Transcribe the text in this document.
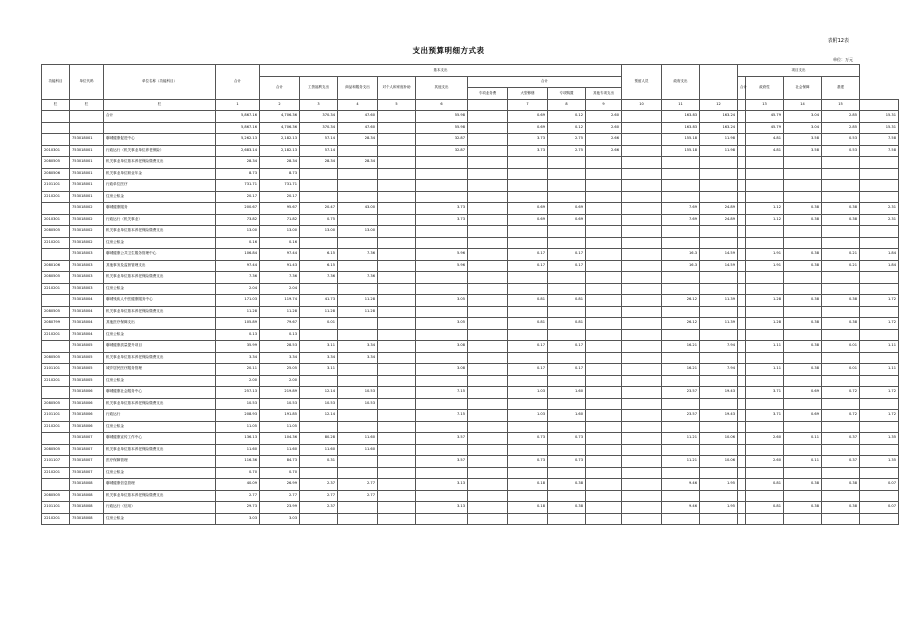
表附12表
支出预算明细方式表
单位：万元
功能科目	单位代码	单位名称（功能科目）	合计	基本支出									预留人员	政府支出		项目支出				
				合计	工资福利支出	商品和服务支出	对个人和家庭补助	其他支出	合计							合计	政府性	社会保障	基建	
									专项业务费	大型修缮	专项购置	其他专项支出								
栏	栏	栏	1	2	3	4	5	6		7	8	9	10	11	12		13	14	15	
		合计	5,867.16	4,706.36	370.34	47.60		55.98		0.69	0.12	2.60		163.83	163.24		45.79	3.04	2.85	15.31
			5,867.16	4,706.36	370.34	47.60		55.98		0.69	0.12	2.60		163.83	163.24		45.79	3.04	2.85	15.31
	753018001	聊城健康促进中心	5,262.13	2,182.13	57.14	28.34		32.87		3.73	2.75	2.66		155.18	11.98		4.81	3.58	0.53	7.58
2010301	753018001	行政运行（机关事业单位养老保险）	2,683.14	2,182.13	57.14			32.87		3.73	2.75	2.66		155.18	11.98		4.81	3.58	0.53	7.58
2080505	753018001	机关事业单位基本养老保险缴费支出	28.34	28.34	28.34	28.34														
2080506	753018001	机关事业单位职业年金	8.73	8.73																
2101101	753018001	行政单位医疗	731.71	731.71																
2210201	753018001	住房公积金	20.17	20.17																
	753018002	聊城健康服务	200.67	95.67	20.47	43.00		3.73		0.69	0.69			7.69	24.89		1.12	0.38	0.38	2.31
2010301	753018002	行政运行（机关事业）	73.82	71.82	0.75			3.73		0.69	0.69			7.69	24.89		1.12	0.38	0.38	2.31
2080505	753018002	机关事业单位基本养老保险缴费支出	13.00	13.00	13.00	13.00														
2210201	753018002	住房公积金	0.16	0.16																
	753018003	聊城健康公共卫生服务管理中心	106.84	97.44	6.15	7.36		5.96		0.17	0.17			16.3	14.59		1.91	0.38	0.21	1.84
2080106	753018003	其他事务及监督管理支出	97.44	91.43	6.15			5.96		0.17	0.17			16.3	14.59		1.91	0.38	0.21	1.84
2080505	753018003	机关事业单位基本养老保险缴费支出	7.36	7.36	7.36	7.36														
2210201	753018003	住房公积金	2.04	2.04																
	753018004	聊城残疾人中医健康服务中心	171.03	119.74	41.73	11.28		3.05		0.81	0.81			26.12	11.39		1.28	0.38	0.38	1.72
2080505	753018004	机关事业单位基本养老保险缴费支出	11.28	11.28	11.28	11.28														
2080799	753018004	其他医疗保障支出	105.89	79.67	0.01			3.05		0.81	0.81			26.12	11.39		1.28	0.38	0.38	1.72
2210201	753018004	住房公积金	0.13	0.13																
	753018005	聊城健康质量提升项目	35.99	28.53	3.11	3.34		3.08		0.17	0.17			16.21	7.94		1.11	0.38	0.01	1.11
2080505	753018005	机关事业单位基本养老保险缴费支出	3.34	3.34	3.34	3.34														
2101101	753018005	城乡居民医疗服务管理	20.11	25.05	3.11			3.08		0.17	0.17			16.21	7.94		1.11	0.38	0.01	1.11
2210201	753018005	住房公积金	2.00	2.00																
	753018006	聊城健康社会服务中心	257.13	219.89	12.14	10.53		7.15		1.03	1.60			23.57	19.43		3.71	0.69	0.72	1.72
2080505	753018006	机关事业单位基本养老保险缴费支出	10.53	10.53	10.53	10.53														
2101101	753018006	行政运行	208.93	191.85	12.14			7.15		1.03	1.60			23.57	19.43		3.71	0.69	0.72	1.72
2210201	753018006	住房公积金	11.05	11.05																
	753018007	聊城健康宣传工作中心	136.13	104.36	80.28	11.60		3.57		0.73	0.73			11.21	10.06		2.60	0.11	0.37	1.35
2080505	753018007	机关事业单位基本养老保险缴费支出	11.60	11.60	11.60	11.60														
2101107	753018007	医疗保障管理	116.36	84.73	0.31			3.57		0.73	0.73			11.21	10.06		2.60	0.11	0.37	1.35
2210201	753018007	住房公积金	0.70	0.70																
	753018008	聊城健康信息管理	40.09	26.99	2.37	2.77		3.13		0.18	0.38			9.46	1.95		0.81	0.38	0.38	0.07
2080505	753018008	机关事业单位基本养老保险缴费支出	2.77	2.77	2.77	2.77														
2101101	753018008	行政运行（信用）	29.73	23.99	2.37			3.13		0.18	0.38			9.46	1.95		0.81	0.38	0.38	0.07
2210201	753018008	住房公积金	3.03	3.03																
